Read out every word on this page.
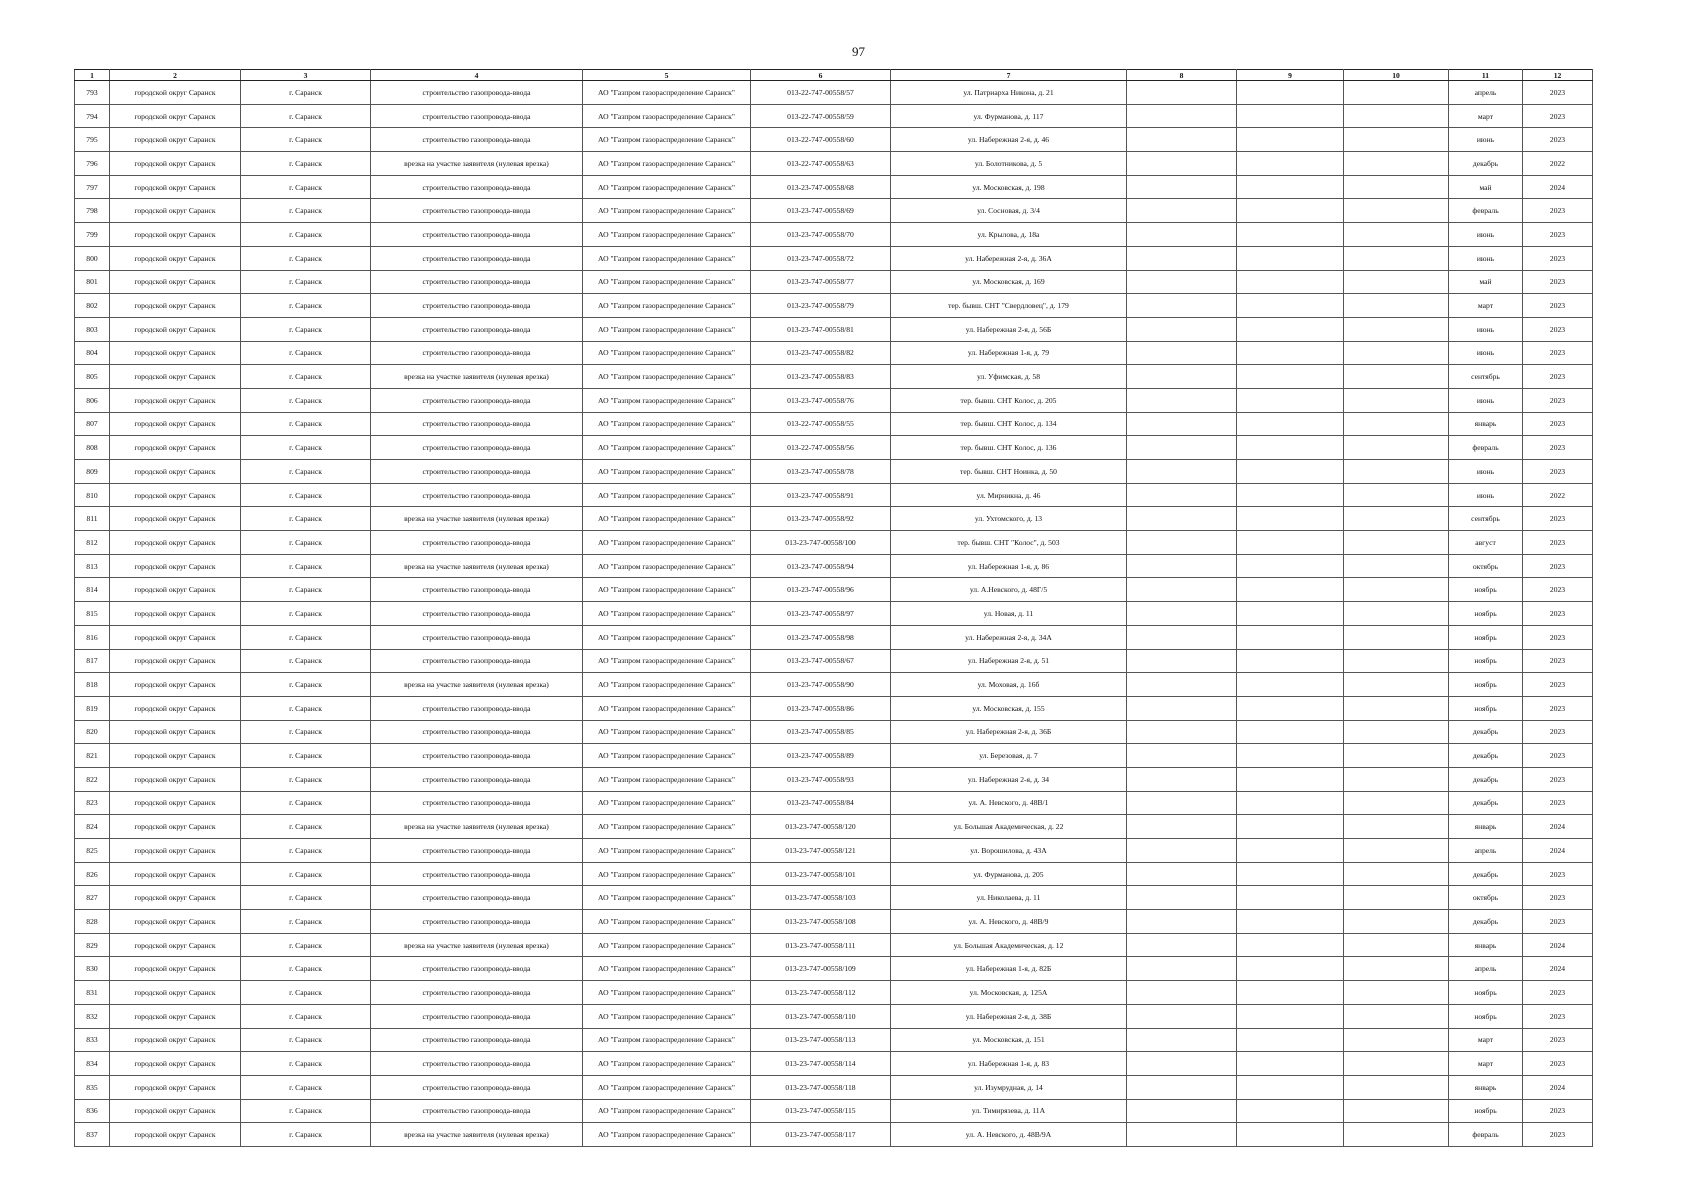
97
1	2	3	4	5	6	7	8	9	10	11	12
793	городской округ Саранск	г. Саранск	строительство газопровода-ввода	АО "Газпром газораспределение Саранск"	013-22-747-00558/57	ул. Патриарха Никона, д. 21				апрель	2023
794	городской округ Саранск	г. Саранск	строительство газопровода-ввода	АО "Газпром газораспределение Саранск"	013-22-747-00558/59	ул. Фурманова, д. 117				март	2023
795	городской округ Саранск	г. Саранск	строительство газопровода-ввода	АО "Газпром газораспределение Саранск"	013-22-747-00558/60	ул. Набережная 2-я, д. 46				июнь	2023
796	городской округ Саранск	г. Саранск	врезка на участке заявителя (нулевая врезка)	АО "Газпром газораспределение Саранск"	013-22-747-00558/63	ул. Болотникова, д. 5				декабрь	2022
797	городской округ Саранск	г. Саранск	строительство газопровода-ввода	АО "Газпром газораспределение Саранск"	013-23-747-00558/68	ул. Московская, д. 198				май	2024
798	городской округ Саранск	г. Саранск	строительство газопровода-ввода	АО "Газпром газораспределение Саранск"	013-23-747-00558/69	ул. Сосновая, д. 3/4				февраль	2023
799	городской округ Саранск	г. Саранск	строительство газопровода-ввода	АО "Газпром газораспределение Саранск"	013-23-747-00558/70	ул. Крылова, д. 18а				июнь	2023
800	городской округ Саранск	г. Саранск	строительство газопровода-ввода	АО "Газпром газораспределение Саранск"	013-23-747-00558/72	ул. Набережная 2-я, д. 36А				июнь	2023
801	городской округ Саранск	г. Саранск	строительство газопровода-ввода	АО "Газпром газораспределение Саранск"	013-23-747-00558/77	ул. Московская, д. 169				май	2023
802	городской округ Саранск	г. Саранск	строительство газопровода-ввода	АО "Газпром газораспределение Саранск"	013-23-747-00558/79	тер. бывш. СНТ "Свердловец", д. 179				март	2023
803	городской округ Саранск	г. Саранск	строительство газопровода-ввода	АО "Газпром газораспределение Саранск"	013-23-747-00558/81	ул. Набережная 2-я, д. 56Б				июнь	2023
804	городской округ Саранск	г. Саранск	строительство газопровода-ввода	АО "Газпром газораспределение Саранск"	013-23-747-00558/82	ул. Набережная 1-я, д. 79				июнь	2023
805	городской округ Саранск	г. Саранск	врезка на участке заявителя (нулевая врезка)	АО "Газпром газораспределение Саранск"	013-23-747-00558/83	ул. Уфимская, д. 58				сентябрь	2023
806	городской округ Саранск	г. Саранск	строительство газопровода-ввода	АО "Газпром газораспределение Саранск"	013-23-747-00558/76	тер. бывш. СНТ Колос, д. 205				июнь	2023
807	городской округ Саранск	г. Саранск	строительство газопровода-ввода	АО "Газпром газораспределение Саранск"	013-22-747-00558/55	тер. бывш. СНТ Колос, д. 134				январь	2023
808	городской округ Саранск	г. Саранск	строительство газопровода-ввода	АО "Газпром газораспределение Саранск"	013-22-747-00558/56	тер. бывш. СНТ Колос, д. 136				февраль	2023
809	городской округ Саранск	г. Саранск	строительство газопровода-ввода	АО "Газпром газораспределение Саранск"	013-23-747-00558/78	тер. бывш. СНТ Ноинка, д. 50				июнь	2023
810	городской округ Саранск	г. Саранск	строительство газопровода-ввода	АО "Газпром газораспределение Саранск"	013-23-747-00558/91	ул. Мирникна, д. 46				июнь	2022
811	городской округ Саранск	г. Саранск	врезка на участке заявителя (нулевая врезка)	АО "Газпром газораспределение Саранск"	013-23-747-00558/92	ул. Ухтомского, д. 13				сентябрь	2023
812	городской округ Саранск	г. Саранск	строительство газопровода-ввода	АО "Газпром газораспределение Саранск"	013-23-747-00558/100	тер. бывш. СНТ "Колос", д. 503				август	2023
813	городской округ Саранск	г. Саранск	врезка на участке заявителя (нулевая врезка)	АО "Газпром газораспределение Саранск"	013-23-747-00558/94	ул. Набережная 1-я, д. 86				октябрь	2023
814	городской округ Саранск	г. Саранск	строительство газопровода-ввода	АО "Газпром газораспределение Саранск"	013-23-747-00558/96	ул. А.Невского, д. 48Г/5				ноябрь	2023
815	городской округ Саранск	г. Саранск	строительство газопровода-ввода	АО "Газпром газораспределение Саранск"	013-23-747-00558/97	ул. Новая, д. 11				ноябрь	2023
816	городской округ Саранск	г. Саранск	строительство газопровода-ввода	АО "Газпром газораспределение Саранск"	013-23-747-00558/98	ул. Набережная 2-я, д. 34А				ноябрь	2023
817	городской округ Саранск	г. Саранск	строительство газопровода-ввода	АО "Газпром газораспределение Саранск"	013-23-747-00558/67	ул. Набережная 2-я, д. 51				ноябрь	2023
818	городской округ Саранск	г. Саранск	врезка на участке заявителя (нулевая врезка)	АО "Газпром газораспределение Саранск"	013-23-747-00558/90	ул. Моховая, д. 16б				ноябрь	2023
819	городской округ Саранск	г. Саранск	строительство газопровода-ввода	АО "Газпром газораспределение Саранск"	013-23-747-00558/86	ул. Московская, д. 155				ноябрь	2023
820	городской округ Саранск	г. Саранск	строительство газопровода-ввода	АО "Газпром газораспределение Саранск"	013-23-747-00558/85	ул. Набережная 2-я, д. 36Б				декабрь	2023
821	городской округ Саранск	г. Саранск	строительство газопровода-ввода	АО "Газпром газораспределение Саранск"	013-23-747-00558/89	ул. Березовая, д. 7				декабрь	2023
822	городской округ Саранск	г. Саранск	строительство газопровода-ввода	АО "Газпром газораспределение Саранск"	013-23-747-00558/93	ул. Набережная 2-я, д. 34				декабрь	2023
823	городской округ Саранск	г. Саранск	строительство газопровода-ввода	АО "Газпром газораспределение Саранск"	013-23-747-00558/84	ул. А. Невского, д. 48В/1				декабрь	2023
824	городской округ Саранск	г. Саранск	врезка на участке заявителя (нулевая врезка)	АО "Газпром газораспределение Саранск"	013-23-747-00558/120	ул. Большая Академическая, д. 22				январь	2024
825	городской округ Саранск	г. Саранск	строительство газопровода-ввода	АО "Газпром газораспределение Саранск"	013-23-747-00558/121	ул. Ворошилова, д. 43А				апрель	2024
826	городской округ Саранск	г. Саранск	строительство газопровода-ввода	АО "Газпром газораспределение Саранск"	013-23-747-00558/101	ул. Фурманова, д. 205				декабрь	2023
827	городской округ Саранск	г. Саранск	строительство газопровода-ввода	АО "Газпром газораспределение Саранск"	013-23-747-00558/103	ул. Николаева, д. 11				октябрь	2023
828	городской округ Саранск	г. Саранск	строительство газопровода-ввода	АО "Газпром газораспределение Саранск"	013-23-747-00558/108	ул. А. Невского, д. 48В/9				декабрь	2023
829	городской округ Саранск	г. Саранск	врезка на участке заявителя (нулевая врезка)	АО "Газпром газораспределение Саранск"	013-23-747-00558/111	ул. Большая Академическая, д. 12				январь	2024
830	городской округ Саранск	г. Саранск	строительство газопровода-ввода	АО "Газпром газораспределение Саранск"	013-23-747-00558/109	ул. Набережная 1-я, д. 82Б				апрель	2024
831	городской округ Саранск	г. Саранск	строительство газопровода-ввода	АО "Газпром газораспределение Саранск"	013-23-747-00558/112	ул. Московская, д. 125А				ноябрь	2023
832	городской округ Саранск	г. Саранск	строительство газопровода-ввода	АО "Газпром газораспределение Саранск"	013-23-747-00558/110	ул. Набережная 2-я, д. 38Б				ноябрь	2023
833	городской округ Саранск	г. Саранск	строительство газопровода-ввода	АО "Газпром газораспределение Саранск"	013-23-747-00558/113	ул. Московская, д. 151				март	2023
834	городской округ Саранск	г. Саранск	строительство газопровода-ввода	АО "Газпром газораспределение Саранск"	013-23-747-00558/114	ул. Набережная 1-я, д. 83				март	2023
835	городской округ Саранск	г. Саранск	строительство газопровода-ввода	АО "Газпром газораспределение Саранск"	013-23-747-00558/118	ул. Изумрудная, д. 14				январь	2024
836	городской округ Саранск	г. Саранск	строительство газопровода-ввода	АО "Газпром газораспределение Саранск"	013-23-747-00558/115	ул. Тимирязева, д. 11А				ноябрь	2023
837	городской округ Саранск	г. Саранск	врезка на участке заявителя (нулевая врезка)	АО "Газпром газораспределение Саранск"	013-23-747-00558/117	ул. А. Невского, д. 48В/9А				февраль	2023
